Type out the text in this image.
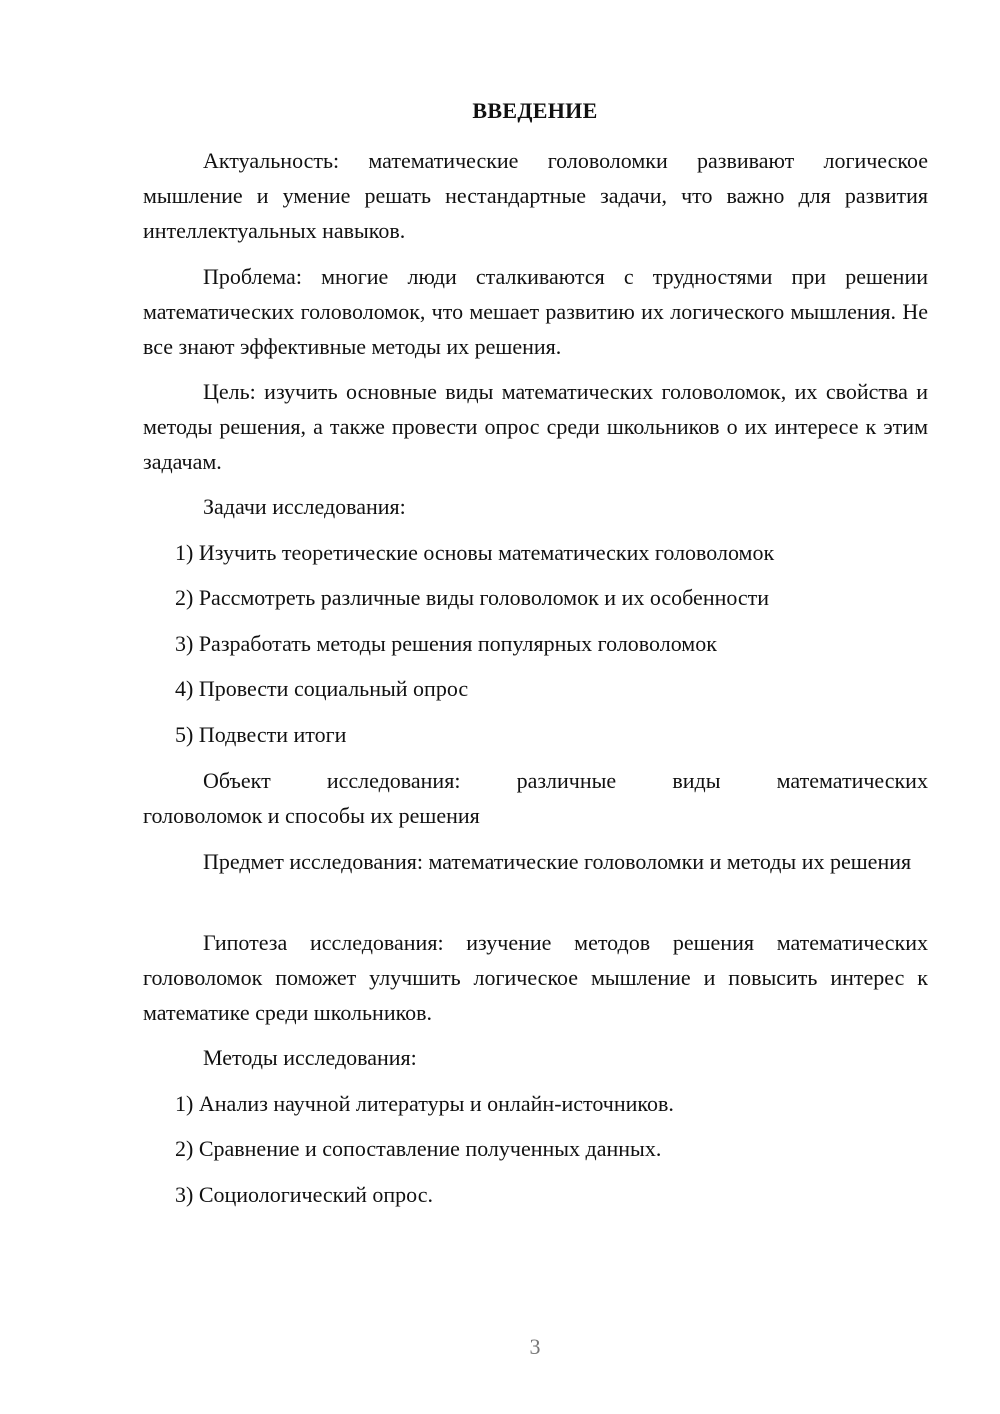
ВВЕДЕНИЕ

Актуальность: математические головоломки развивают логическое мышление и умение решать нестандартные задачи, что важно для развития интеллектуальных навыков.

Проблема: многие люди сталкиваются с трудностями при решении математических головоломок, что мешает развитию их логического мышления. Не все знают эффективные методы их решения.

Цель: изучить основные виды математических головоломок, их свойства и методы решения, а также провести опрос среди школьников о их интересе к этим задачам.

Задачи исследования:

1) Изучить теоретические основы математических головоломок
2) Рассмотреть различные виды головоломок и их особенности
3) Разработать методы решения популярных головоломок
4) Провести социальный опрос
5) Подвести итоги
Объект	исследования:	различные	виды	математических
головоломок и способы их решения

Предмет исследования: математические головоломки и методы их решения

Гипотеза исследования: изучение методов решения математических головоломок поможет улучшить логическое мышление и повысить интерес к математике среди школьников.

Методы исследования:

1) Анализ научной литературы и онлайн-источников.
2) Сравнение и сопоставление полученных данных.
3) Социологический опрос.
3
